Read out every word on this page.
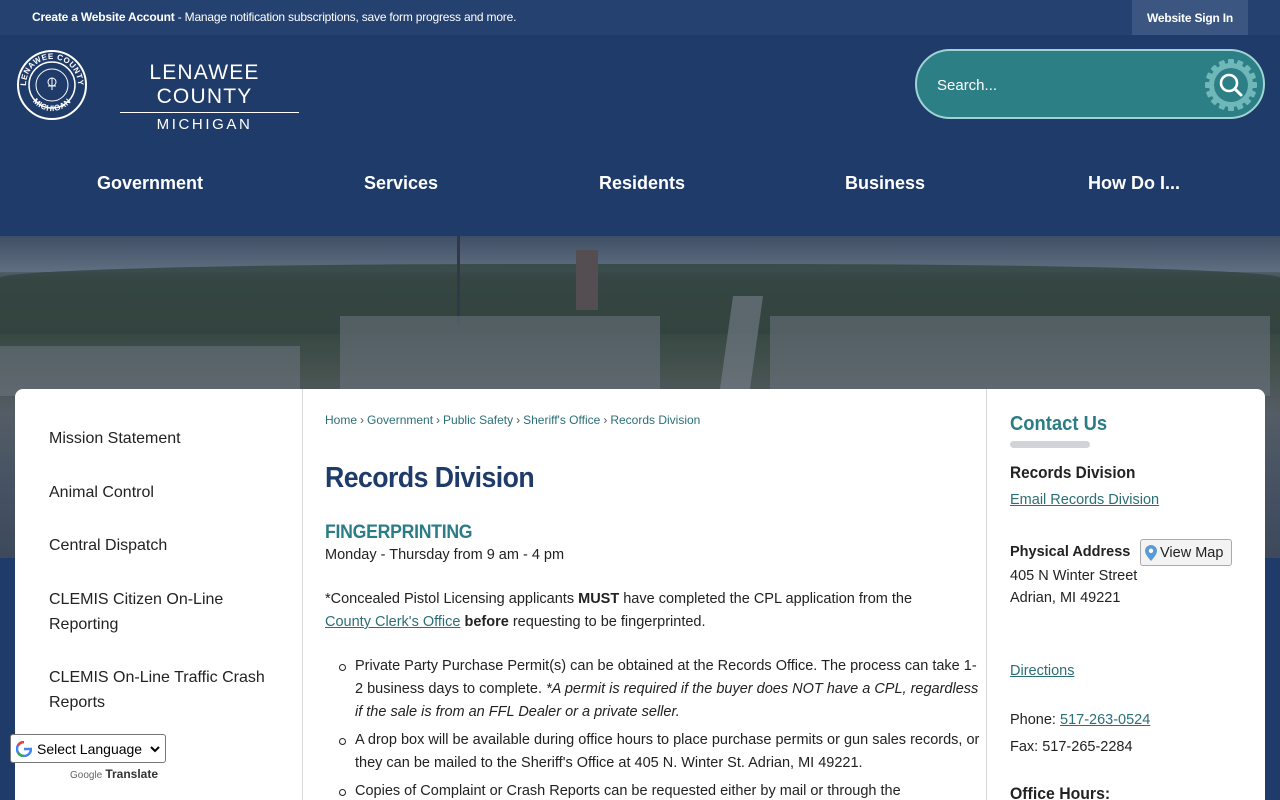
Create a Website Account - Manage notification subscriptions, save form progress and more.	Website Sign In
LENAWEE COUNTY
MICHIGAN
LENAWEE COUNTY
MICHIGAN
Search...
Government	Services	Residents	Business	How Do I...
Mission Statement
Animal Control
Central Dispatch
CLEMIS Citizen On-Line Reporting
CLEMIS On-Line Traffic Crash Reports
Home › Government › Public Safety › Sheriff's Office › Records Division
Records Division
FINGERPRINTING
Monday - Thursday from 9 am - 4 pm

*Concealed Pistol Licensing applicants MUST have completed the CPL application from the
County Clerk's Office before requesting to be fingerprinted.

Private Party Purchase Permit(s) can be obtained at the Records Office. The process can take 1-2 business days to complete. *A permit is required if the buyer does NOT have a CPL, regardless if the sale is from an FFL Dealer or a private seller.
A drop box will be available during office hours to place purchase permits or gun sales records, or they can be mailed to the Sheriff's Office at 405 N. Winter St. Adrian, MI 49221.
Copies of Complaint or Crash Reports can be requested either by mail or through the
Contact Us
Records Division
Email Records Division
Physical Address View Map
405 N Winter Street
Adrian, MI 49221
Directions
Phone: 517-263-0524
Fax: 517-265-2284
Office Hours:
Select Language
Google Translate
